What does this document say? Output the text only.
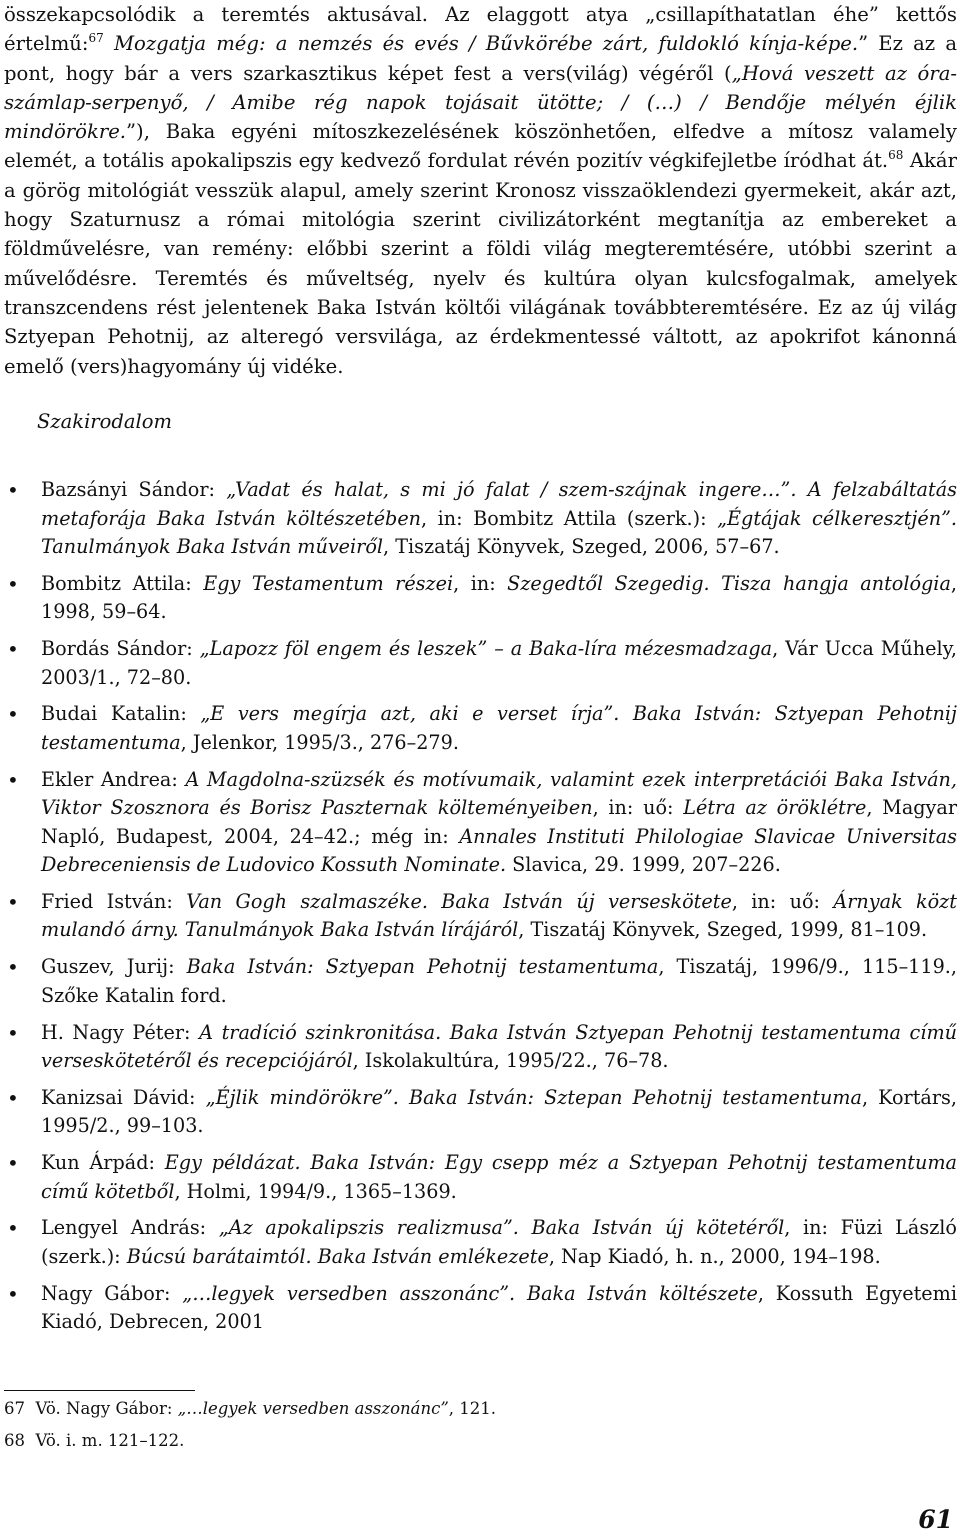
összekapcsolódik a teremtés aktusával. Az elaggott atya „csillapíthatatlan éhe” kettős értelmű:$^{67}$ Mozgatja még: a nemzés és evés / Bűvkörébe zárt, fuldokló kínja-képe.” Ez az a pont, hogy bár a vers szarkasztikus képet fest a vers(világ) végéről („Hová veszett az óra-számlap-serpenyő, / Amibe rég napok tojásait ütötte; / (…) / Bendője mélyén éjlik mindörökre.”), Baka egyéni mítoszkezelésének köszönhetően, elfedve a mítosz valamely elemét, a totális apokalipszis egy kedvező fordulat révén pozitív végkifejletbe íródhat át.$^{68}$ Akár a görög mitológiát vesszük alapul, amely szerint Kronosz visszaöklendezi gyermekeit, akár azt, hogy Szaturnusz a római mitológia szerint civilizátorként megtanítja az embereket a földművelésre, van remény: előbbi szerint a földi világ megteremtésére, utóbbi szerint a művelődésre. Teremtés és műveltség, nyelv és kultúra olyan kulcsfogalmak, amelyek transzcendens rést jelentenek Baka István költői világának továbbteremtésére. Ez az új világ Sztyepan Pehotnij, az alteregó versvilága, az érdekmentessé váltott, az apokrifot kánonná emelő (vers)hagyomány új vidéke.

Szakirodalom

• Bazsányi Sándor: „Vadat és halat, s mi jó falat / szem-szájnak ingere…”. A felzabáltatás metaforája Baka István költészetében, in: Bombitz Attila (szerk.): „Égtájak célkeresztjén”. Tanulmányok Baka István műveiről, Tiszatáj Könyvek, Szeged, 2006, 57–67.
• Bombitz Attila: Egy Testamentum részei, in: Szegedtől Szegedig. Tisza hangja antológia, 1998, 59–64.
• Bordás Sándor: „Lapozz föl engem és leszek” – a Baka-líra mézesmadzaga, Vár Ucca Műhely, 2003/1., 72–80.
• Budai Katalin: „E vers megírja azt, aki e verset írja”. Baka István: Sztyepan Pehotnij testamentuma, Jelenkor, 1995/3., 276–279.
• Ekler Andrea: A Magdolna-szüzsék és motívumaik, valamint ezek interpretációi Baka István, Viktor Szosznora és Borisz Paszternak költeményeiben, in: uő: Létra az öröklétre, Magyar Napló, Budapest, 2004, 24–42.; még in: Annales Instituti Philologiae Slavicae Universitas Debreceniensis de Ludovico Kossuth Nominate. Slavica, 29. 1999, 207–226.
• Fried István: Van Gogh szalmaszéke. Baka István új verseskötete, in: uő: Árnyak közt mulandó árny. Tanulmányok Baka István lírájáról, Tiszatáj Könyvek, Szeged, 1999, 81–109.
• Guszev, Jurij: Baka István: Sztyepan Pehotnij testamentuma, Tiszatáj, 1996/9., 115–119., Szőke Katalin ford.
• H. Nagy Péter: A tradíció szinkronitása. Baka István Sztyepan Pehotnij testamentuma című verseskötetéről és recepciójáról, Iskolakultúra, 1995/22., 76–78.
• Kanizsai Dávid: „Éjlik mindörökre”. Baka István: Sztepan Pehotnij testamentuma, Kortárs, 1995/2., 99–103.
• Kun Árpád: Egy példázat. Baka István: Egy csepp méz a Sztyepan Pehotnij testamentuma című kötetből, Holmi, 1994/9., 1365–1369.
• Lengyel András: „Az apokalipszis realizmusa”. Baka István új kötetéről, in: Füzi László (szerk.): Búcsú barátaimtól. Baka István emlékezete, Nap Kiadó, h. n., 2000, 194–198.
• Nagy Gábor: „…legyek versedben asszonánc”. Baka István költészete, Kossuth Egyetemi Kiadó, Debrecen, 2001

67 Vö. Nagy Gábor: „…legyek versedben asszonánc”, 121.

68 Vö. i. m. 121–122.

61
